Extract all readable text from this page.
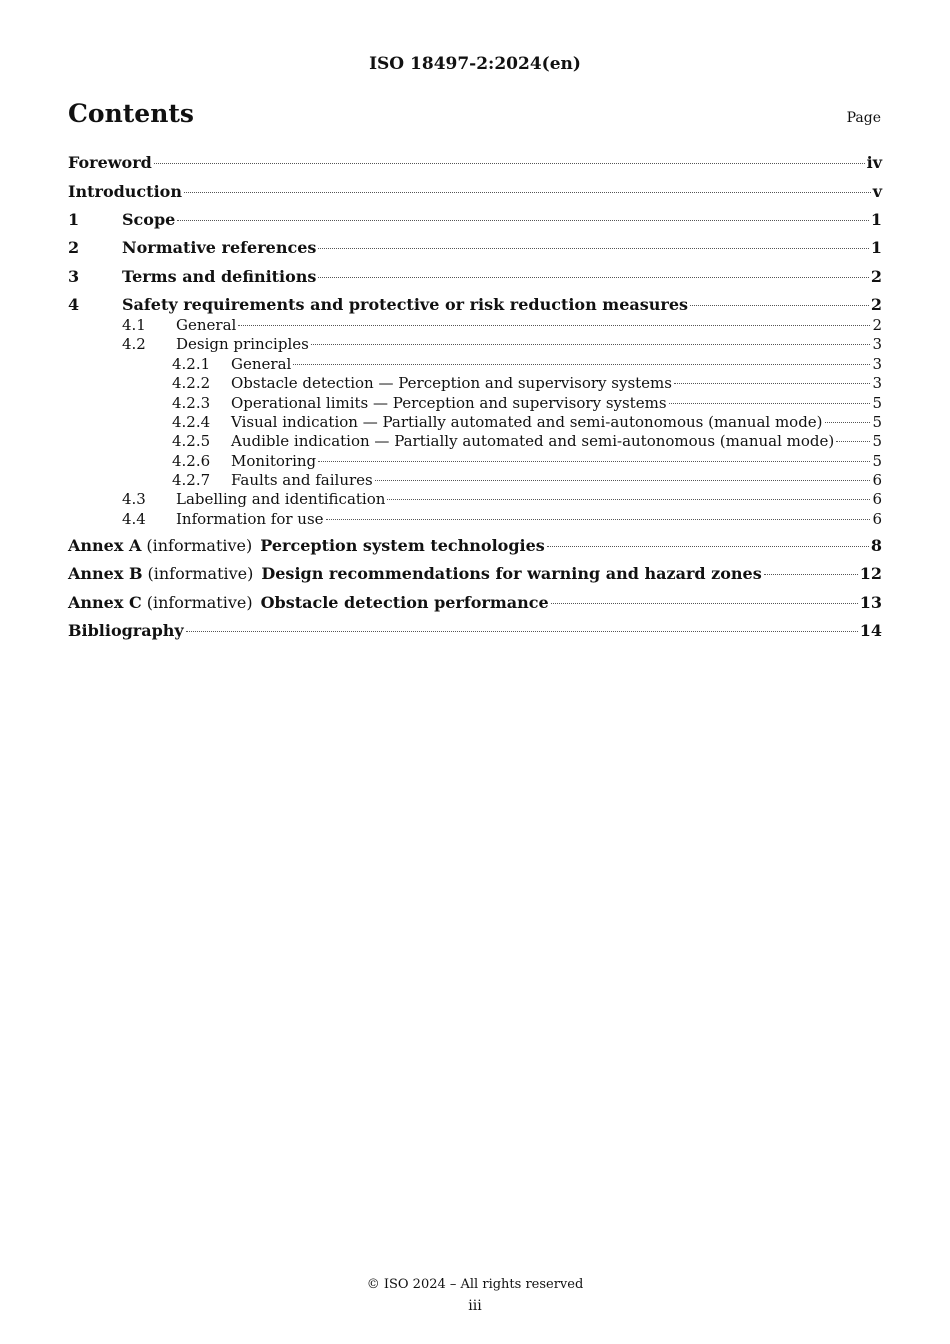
ISO 18497-2:2024(en)
Contents	Page
Foreword	iv
Introduction	v
1	Scope	1
2	Normative references	1
3	Terms and definitions	2
4	Safety requirements and protective or risk reduction measures	2
4.1	General	2
4.2	Design principles	3
4.2.1	General	3
4.2.2	Obstacle detection — Perception and supervisory systems	3
4.2.3	Operational limits — Perception and supervisory systems	5
4.2.4	Visual indication — Partially automated and semi-autonomous (manual mode)	5
4.2.5	Audible indication — Partially automated and semi-autonomous (manual mode)	5
4.2.6	Monitoring	5
4.2.7	Faults and failures	6
4.3	Labelling and identification	6
4.4	Information for use	6
Annex A (informative) Perception system technologies	8
Annex B (informative) Design recommendations for warning and hazard zones	12
Annex C (informative) Obstacle detection performance	13
Bibliography	14
© ISO 2024 – All rights reserved
iii
